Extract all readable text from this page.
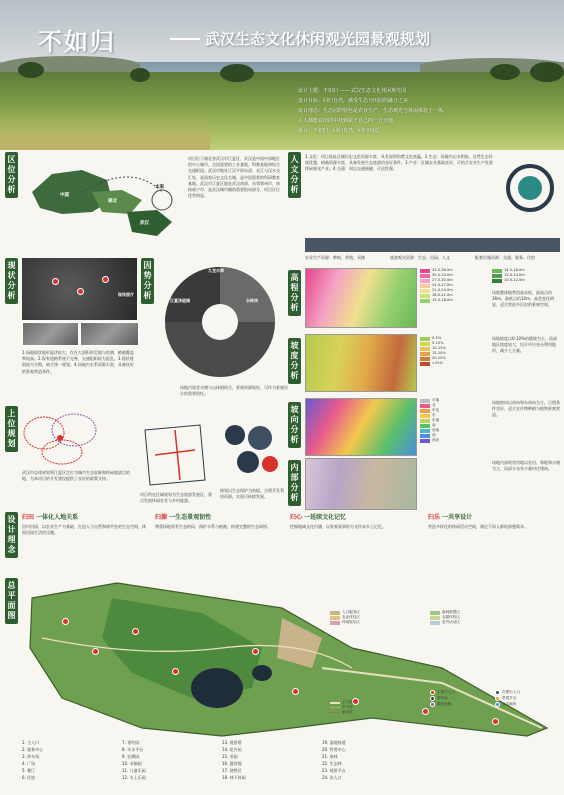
不如归	武汉生态文化休闲观光园景观规划
设计主题：不如归 —— 武汉生态文化休闲观光园
设计目标：回归自然，感受生态与田园的融合之美
设计理念：生态园的特色是农业生产、生态观光与休闲体验于一体，
人人都能在田园中找到属于自己的一方天地，
设计：不如归，回归自然，回归田园。
区位分析
中国
湖北
武汉
本案
项目位于湖北省武汉市江夏区，武汉是中国中部地区的中心城市，全国重要的工业基地、科教基地和综合交通枢纽。武汉市地处江汉平原东部，长江与汉水交汇处，是国家历史文化名城，是中国重要的科研教育基地。武汉市江夏区地处武汉南部，东邻鄂州市，南接咸宁市，是武汉城市圈的重要组成部分，项目区位优势明显。
人文分析
1.文化：项目选址区域历史文化资源丰富，具有深厚的楚文化底蕴。2.生态：场地内山水相依，自然生态环境优越，植被资源丰富，具备发展生态旅游的良好条件。3.产业：区域农业基础良好，可结合农业生产发展休闲观光产业。4.交通：周边交通便捷，可达性强。
农业生产资源：种植、养殖、采摘	旅游观光资源：生态、田园、人文	配套设施资源：交通、服务、住宿
现状分析
因势分析
现场照片
1.场地现状地形起伏较大，存在大面积的荒地与鱼塘，植被覆盖率较高。2.现有道路系统不完善，交通组织较为混乱。3.现状建筑较为分散，缺乏统一规划。4.场地内水系资源丰富，具备良好的景观营造条件。
九龙水库
长岭岗
江夏汤逊湖
场地内现状水塘与山体相结合，景观资源较好，可作为景观设计的重要依托。
高程分析
33.0-36.0m
30.0-33.0m
27.0-30.0m
24.0-27.0m
21.0-24.0m
18.0-21.0m
15.0-18.0m
14.0-16.0m
12.0-14.0m
10.0-12.0m
场地整体地势西高东低，最高点约36m，最低点约10m，高差变化明显，适合营造多层次的景观空间。
坡度分析
0-5%
5-10%
10-15%
15-20%
20-25%
>25%
场地坡度以0-10%的缓坡为主，局部地区坡度较大，设计中应充分利用地形，减少土方量。
坡向分析
平地
北
东北
东
东南
南
西南
西
西北
场地坡向以南向和东南向为主，日照条件良好，适合农作物种植与植物景观营造。
内部分析
场地内部现状用地以农田、林地和水塘为主，局部分布有少量村庄建筑。
上位规划
武汉市总体规划将江夏区定位为城市生态屏障和休闲旅游目的地，为本项目的开发建设提供了良好的政策支持。
项目所在区域规划为生态旅游发展区，重点发展休闲农业与乡村旅游。
规划以生态保护为前提，合理开发利用资源，实现可持续发展。
设计理念
归田 一体化人地关系
回归田园，以农业生产为基础，打造人与自然和谐共处的生态空间，体验田园生活的乐趣。
归源 一生态景观韧性
尊重场地原有生态格局，保护水系与植被，构建完整的生态网络。
归心 一延续文化记忆
挖掘地域文化内涵，以景观叙事的方式传承乡土记忆。
归乐 一共享设计
营造多样化的休闲活动空间，满足不同人群的游憩需求。
总平面图	入口服务区
农业体验区
休闲娱乐区
森林游憩区
农耕体验区
室外活动区
主要出入口	次要出入口
停车场	景观节点
服务设施	公共厕所
1. 主入口	7. 垂钓园	13. 观景塔	19. 湿地栈道
2. 服务中心	8. 亲水平台	14. 花卉园	20. 科普中心
3. 停车场	9. 农耕园	15. 茶园	21. 果林
4. 广场	10. 采摘园	16. 露营地	22. 生态林
5. 餐厅	11. 儿童乐园	17. 烧烤区	23. 观景平台
6. 民宿	12. 水上乐园	18. 林下休闲	24. 次入口
主干道
次干道
游步道
